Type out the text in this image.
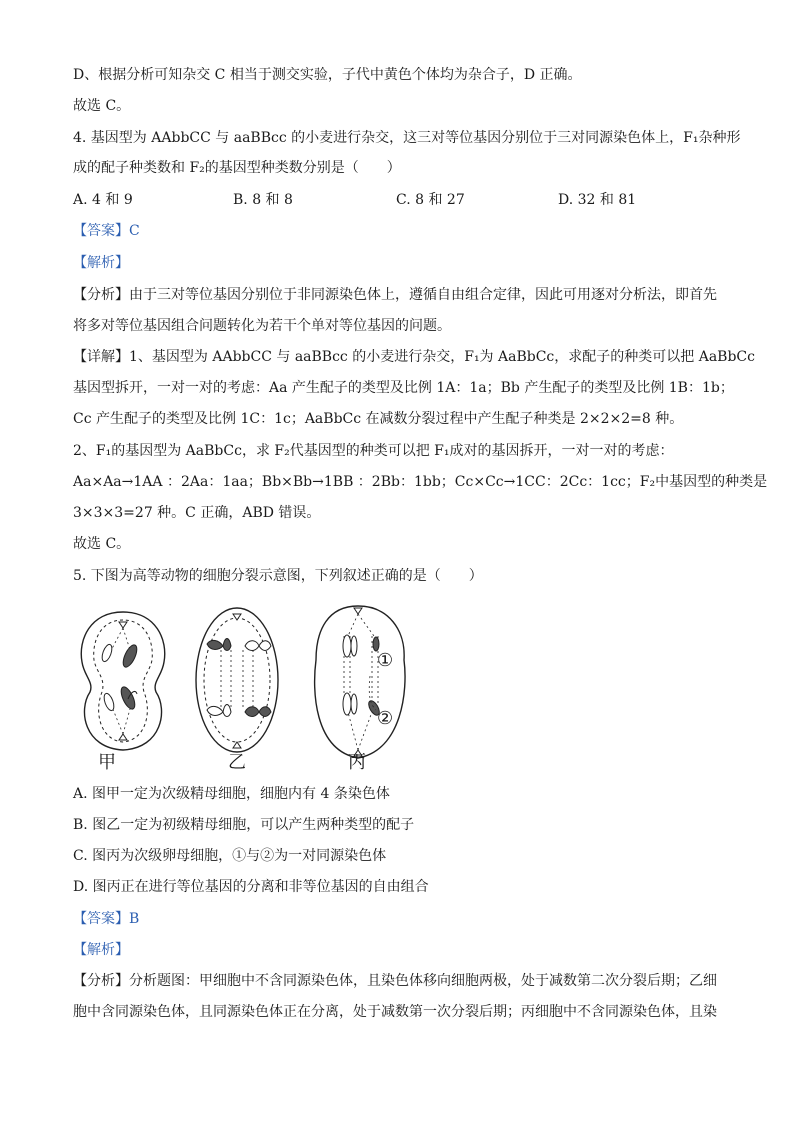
D、根据分析可知杂交 C 相当于测交实验，子代中黄色个体均为杂合子，D 正确。
故选 C。
4. 基因型为 AAbbCC 与 aaBBcc 的小麦进行杂交，这三对等位基因分别位于三对同源染色体上，F₁杂种形
成的配子种类数和 F₂的基因型种类数分别是（　　）
A. 4 和 9	B. 8 和 8	C. 8 和 27	D. 32 和 81
【答案】C
【解析】
【分析】由于三对等位基因分别位于非同源染色体上，遵循自由组合定律，因此可用逐对分析法，即首先
将多对等位基因组合问题转化为若干个单对等位基因的问题。
【详解】1、基因型为 AAbbCC 与 aaBBcc 的小麦进行杂交，F₁为 AaBbCc，求配子的种类可以把 AaBbCc
基因型拆开，一对一对的考虑：Aa 产生配子的类型及比例 1A：1a；Bb 产生配子的类型及比例 1B：1b；
Cc 产生配子的类型及比例 1C：1c；AaBbCc 在减数分裂过程中产生配子种类是 2×2×2=8 种。
2、F₁的基因型为 AaBbCc，求 F₂代基因型的种类可以把 F₁成对的基因拆开，一对一对的考虑：
Aa×Aa→1AA ：2Aa：1aa；Bb×Bb→1BB ：2Bb：1bb；Cc×Cc→1CC：2Cc：1cc；F₂中基因型的种类是
3×3×3=27 种。C 正确，ABD 错误。
故选 C。
5. 下图为高等动物的细胞分裂示意图，下列叙述正确的是（　　）
甲	乙	丙
①
②
A. 图甲一定为次级精母细胞，细胞内有 4 条染色体
B. 图乙一定为初级精母细胞，可以产生两种类型的配子
C. 图丙为次级卵母细胞，①与②为一对同源染色体
D. 图丙正在进行等位基因的分离和非等位基因的自由组合
【答案】B
【解析】
【分析】分析题图：甲细胞中不含同源染色体，且染色体移向细胞两极，处于减数第二次分裂后期；乙细
胞中含同源染色体，且同源染色体正在分离，处于减数第一次分裂后期；丙细胞中不含同源染色体，且染
